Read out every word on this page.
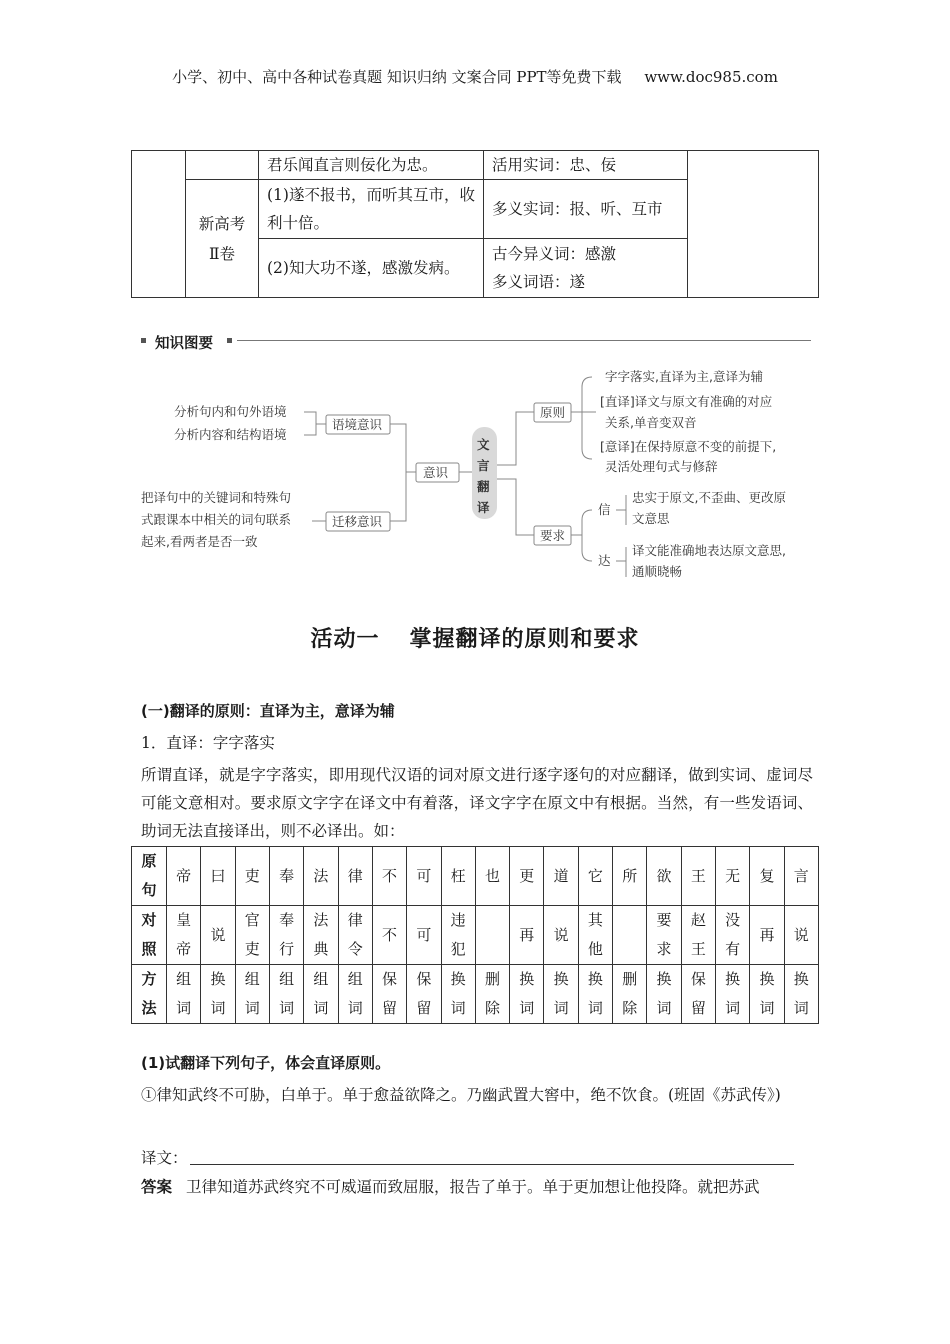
小学、初中、高中各种试卷真题 知识归纳 文案合同 PPT等免费下载 www.doc985.com
		君乐闻直言则佞化为忠。	活用实词：忠、佞	
	新高考Ⅱ卷	(1)遂不报书，而听其互市，收利十倍。	多义实词：报、听、互市	
		(2)知大功不遂，感激发病。	古今异义词：感激
多义词语：遂	
知识图要
分析句内和句外语境
分析内容和结构语境
语境意识
把译句中的关键词和特殊句
式跟课本中相关的词句联系
起来,看两者是否一致
迁移意识
意识
文
言
翻
译
原则
字字落实,直译为主,意译为辅
[直译]译文与原文有准确的对应
关系,单音变双音
[意译]在保持原意不变的前提下,
灵活处理句式与修辞
要求
信
忠实于原文,不歪曲、更改原
文意思
达
译文能准确地表达原文意思,
通顺晓畅
活动一 掌握翻译的原则和要求
(一)翻译的原则：直译为主，意译为辅
1．直译：字字落实

所谓直译，就是字字落实，即用现代汉语的词对原文进行逐字逐句的对应翻译，做到实词、虚词尽可能文意相对。要求原文字字在译文中有着落，译文字字在原文中有根据。当然，有一些发语词、助词无法直接译出，则不必译出。如：

原句	帝	曰	吏	奉	法	律	不	可	枉	也	更	道	它	所	欲	王	无	复	言
对照	皇帝	说	官吏	奉行	法典	律令	不	可	违犯		再	说	其他		要求	赵王	没有	再	说
方法	组词	换词	组词	组词	组词	组词	保留	保留	换词	删除	换词	换词	换词	删除	换词	保留	换词	换词	换词
(1)试翻译下列句子，体会直译原则。
①律知武终不可胁，白单于。单于愈益欲降之。乃幽武置大窖中，绝不饮食。(班固《苏武传》)
译文：
答案 卫律知道苏武终究不可威逼而致屈服，报告了单于。单于更加想让他投降。就把苏武
